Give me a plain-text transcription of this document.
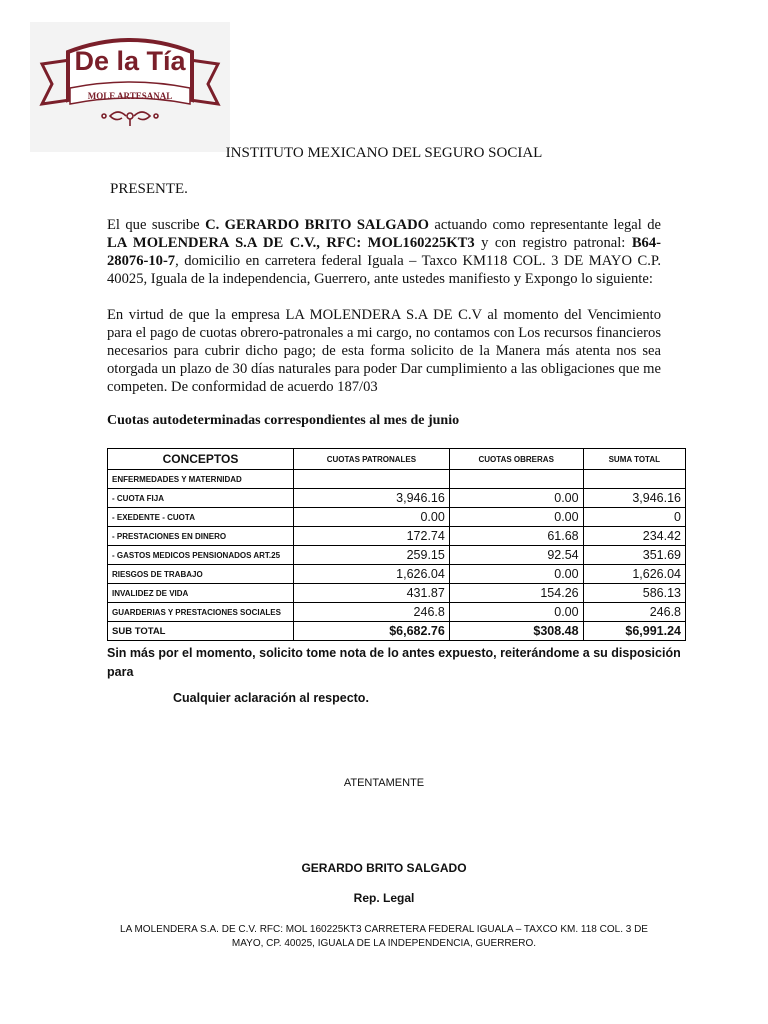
De la Tía
MOLE ARTESANAL
INSTITUTO MEXICANO DEL SEGURO SOCIAL
PRESENTE.
El que suscribe C. GERARDO BRITO SALGADO actuando como representante legal de LA MOLENDERA S.A DE C.V., RFC: MOL160225KT3 y con registro patronal: B64-28076-10-7, domicilio en carretera federal Iguala – Taxco KM118 COL. 3 DE MAYO C.P. 40025, Iguala de la independencia, Guerrero, ante ustedes manifiesto y Expongo lo siguiente:
En virtud de que la empresa LA MOLENDERA S.A DE C.V al momento del Vencimiento para el pago de cuotas obrero-patronales a mi cargo, no contamos con Los recursos financieros necesarios para cubrir dicho pago; de esta forma solicito de la Manera más atenta nos sea otorgada un plazo de 30 días naturales para poder Dar cumplimiento a las obligaciones que me competen. De conformidad de acuerdo 187/03
Cuotas autodeterminadas correspondientes al mes de junio
CONCEPTOS	CUOTAS PATRONALES	CUOTAS OBRERAS	SUMA TOTAL
ENFERMEDADES Y MATERNIDAD			
- CUOTA FIJA	3,946.16	0.00	3,946.16
- EXEDENTE - CUOTA	0.00	0.00	0
- PRESTACIONES EN DINERO	172.74	61.68	234.42
- GASTOS MEDICOS PENSIONADOS ART.25	259.15	92.54	351.69
RIESGOS DE TRABAJO	1,626.04	0.00	1,626.04
INVALIDEZ DE VIDA	431.87	154.26	586.13
GUARDERIAS Y PRESTACIONES SOCIALES	246.8	0.00	246.8
SUB TOTAL	$6,682.76	$308.48	$6,991.24
Sin más por el momento, solicito tome nota de lo antes expuesto, reiterándome a su disposición para
Cualquier aclaración al respecto.
ATENTAMENTE
GERARDO BRITO SALGADO
Rep. Legal
LA MOLENDERA S.A. DE C.V. RFC: MOL 160225KT3 CARRETERA FEDERAL IGUALA – TAXCO KM. 118 COL. 3 DE MAYO, CP. 40025, IGUALA DE LA INDEPENDENCIA, GUERRERO.
